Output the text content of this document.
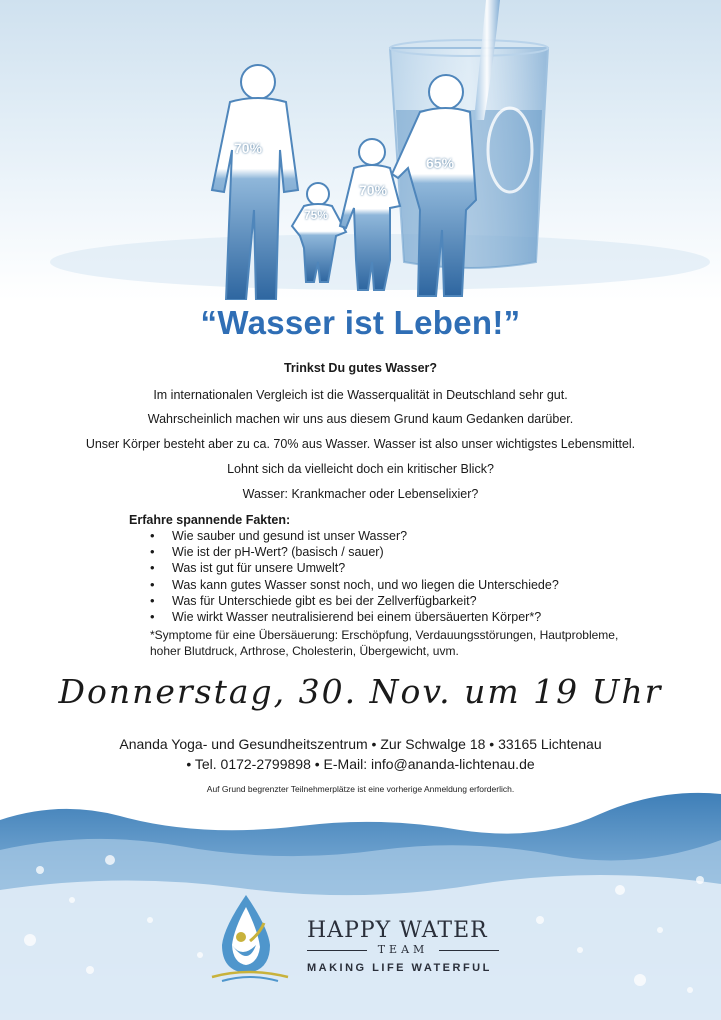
70%
75%
70%
65%
“Wasser ist Leben!”
Trinkst Du gutes Wasser?
Im internationalen Vergleich ist die Wasserqualität in Deutschland sehr gut.
Wahrscheinlich machen wir uns aus diesem Grund kaum Gedanken darüber.
Unser Körper besteht aber zu ca. 70% aus Wasser. Wasser ist also unser wichtigstes Lebensmittel.
Lohnt sich da vielleicht doch ein kritischer Blick?
Wasser: Krankmacher oder Lebenselixier?
Erfahre spannende Fakten:
• Wie sauber und gesund ist unser Wasser?
• Wie ist der pH-Wert? (basisch / sauer)
• Was ist gut für unsere Umwelt?
• Was kann gutes Wasser sonst noch, und wo liegen die Unterschiede?
• Was für Unterschiede gibt es bei der Zellverfügbarkeit?
• Wie wirkt Wasser neutralisierend bei einem übersäuerten Körper*?
*Symptome für eine Übersäuerung: Erschöpfung, Verdauungsstörungen, Hautprobleme, hoher Blutdruck, Arthrose, Cholesterin, Übergewicht, uvm.
Donnerstag, 30. Nov. um 19 Uhr
Ananda Yoga- und Gesundheitszentrum • Zur Schwalge 18 • 33165 Lichtenau
• Tel. 0172-2799898 • E-Mail: info@ananda-lichtenau.de
Auf Grund begrenzter Teilnehmerplätze ist eine vorherige Anmeldung erforderlich.
HAPPY WATER
TEAM
MAKING LIFE WATERFUL
